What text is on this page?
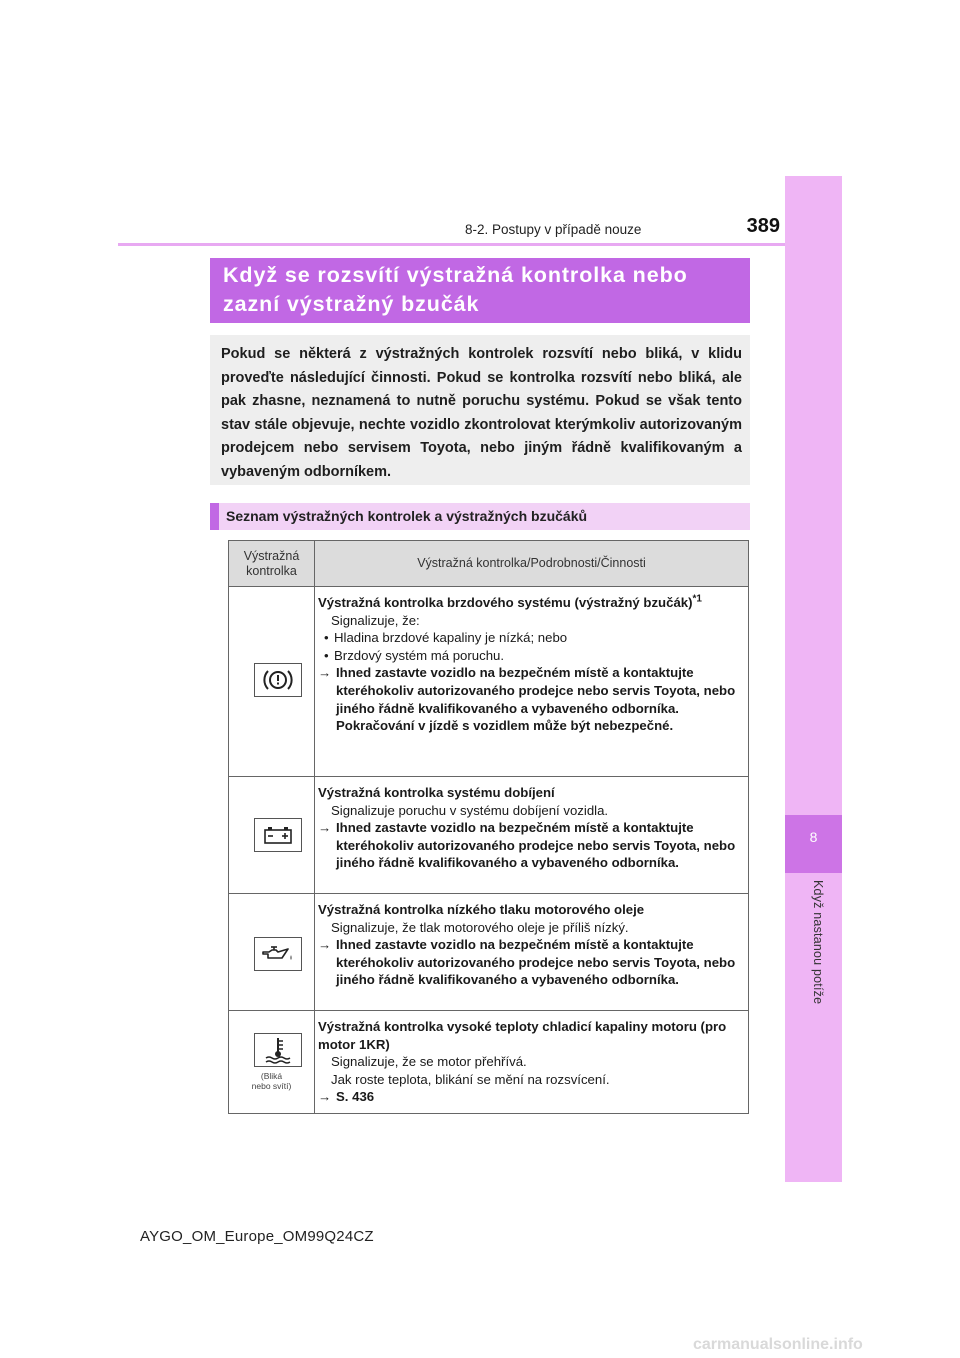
8-2. Postupy v případě nouze	389
8
Když nastanou potíže
Když se rozsvítí výstražná kontrolka nebo
zazní výstražný bzučák
Pokud se některá z výstražných kontrolek rozsvítí nebo bliká, v klidu proveďte následující činnosti. Pokud se kontrolka rozsvítí nebo bliká, ale pak zhasne, neznamená to nutně poruchu systému. Pokud se však tento stav stále objevuje, nechte vozidlo zkontrolovat kterýmkoliv autorizovaným prodejcem nebo servisem Toyota, nebo jiným řádně kvalifikovaným a vybaveným odborníkem.
Seznam výstražných kontrolek a výstražných bzučáků
Výstražná kontrolka
Výstražná kontrolka/Podrobnosti/Činnosti
Výstražná kontrolka brzdového systému (výstražný bzučák)$^{*1}$
Signalizuje, že:
• Hladina brzdové kapaliny je nízká; nebo
• Brzdový systém má poruchu.
→ Ihned zastavte vozidlo na bezpečném místě a kontaktujte kteréhokoliv autorizovaného prodejce nebo servis Toyota, nebo jiného řádně kvalifikovaného a vybaveného odborníka. Pokračování v jízdě s vozidlem může být nebezpečné.
Výstražná kontrolka systému dobíjení
Signalizuje poruchu v systému dobíjení vozidla.
→ Ihned zastavte vozidlo na bezpečném místě a kontaktujte kteréhokoliv autorizovaného prodejce nebo servis Toyota, nebo jiného řádně kvalifikovaného a vybaveného odborníka.
Výstražná kontrolka nízkého tlaku motorového oleje
Signalizuje, že tlak motorového oleje je příliš nízký.
→ Ihned zastavte vozidlo na bezpečném místě a kontaktujte kteréhokoliv autorizovaného prodejce nebo servis Toyota, nebo jiného řádně kvalifikovaného a vybaveného odborníka.
(Bliká
nebo svítí)
Výstražná kontrolka vysoké teploty chladicí kapaliny motoru (pro motor 1KR)
Signalizuje, že se motor přehřívá.
Jak roste teplota, blikání se mění na rozsvícení.
→ S. 436
AYGO_OM_Europe_OM99Q24CZ
carmanualsonline.info
